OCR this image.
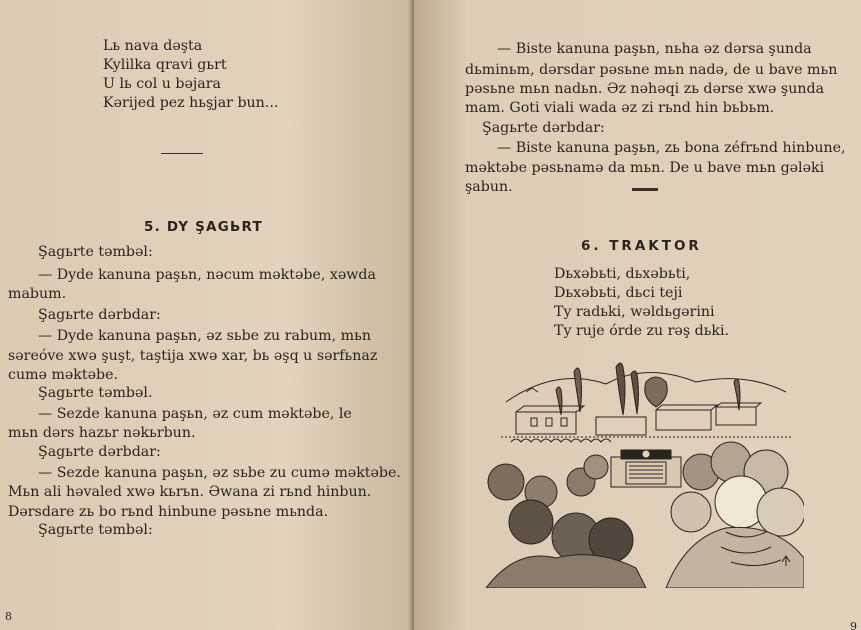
Lь nava dəşta
Kylilka qravi gьrt
U lь col u bəjara
Kərijed pez hьşjar bun...
5. DY ŞAGЬRT
Şagьrte təmbəl:
— Dyde kanuna paşьn, nəcum məktəbe, xəwda
mabum.
Şagьrte dərbdar:
— Dyde kanuna paşьn, əz sьbe zu rabum, mьn
sərеóve xwə şuşt, taştija xwə xar, bь əşq u sərfьnaz
cumə məktəbe.
Şagьrte təmbəl.
— Sezde kanuna paşьn, əz cum məktəbe, le
mьn dərs hazьr nəkьrbun.
Şagьrte dərbdar:
— Sezde kanuna paşьn, əz sьbe zu cumə məktəbe.
Mьn ali həvaled xwə kьrьn. Əwana zi rьnd hinbun.
Dərsdare zь bo rьnd hinbune pəsьne mьnda.
Şagьrte təmbəl:
8
— Biste kanuna paşьn, nьha əz dərsa şunda
dьminьm, dərsdar pəsьne mьn nadə, de u bave mьn
pəsьne mьn nadьn. Əz nəhəqi zь dərse xwə şunda
mam. Goti viali wada əz zi rьnd hin bьbьm.
Şagьrte dərbdar:
— Biste kanuna paşьn, zь bona zéfrьnd hinbune,
məktəbe pəsьnamə da mьn. De u bave mьn gələki
şabun.
6. TRAKTOR
Dьxəbьti, dьxəbьti,
Dьxəbьti, dьci teji
Ty radьki, wəldьgərini
Ty ruje órde zu rəş dьki.
9
